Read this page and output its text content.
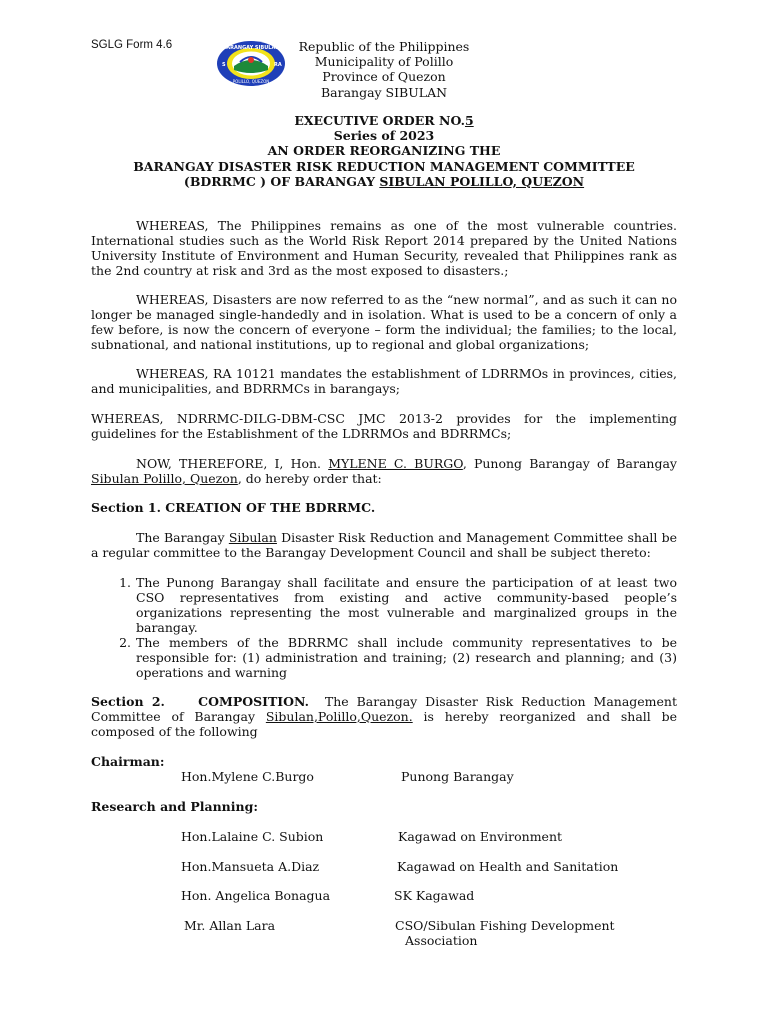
SGLG Form 4.6	BARANGAY SIBULAN
POLILLO, QUEZON
S	RA
Republic of the Philippines
Municipality of Polillo
Province of Quezon
Barangay SIBULAN
EXECUTIVE ORDER NO.5
Series of 2023
AN ORDER REORGANIZING THE
BARANGAY DISASTER RISK REDUCTION MANAGEMENT COMMITTEE
(BDRRMC ) OF BARANGAY SIBULAN POLILLO, QUEZON

WHEREAS, The Philippines remains as one of the most vulnerable countries. International studies such as the World Risk Report 2014 prepared by the United Nations University Institute of Environment and Human Security, revealed that Philippines rank as the 2nd country at risk and 3rd as the most exposed to disasters.;

WHEREAS, Disasters are now referred to as the “new normal”, and as such it can no longer be managed single-handedly and in isolation. What is used to be a concern of only a few before, is now the concern of everyone – form the individual; the families; to the local, subnational, and national institutions, up to regional and global organizations;

WHEREAS, RA 10121 mandates the establishment of LDRRMOs in provinces, cities, and municipalities, and BDRRMCs in barangays;

WHEREAS, NDRRMC-DILG-DBM-CSC JMC 2013-2 provides for the implementing guidelines for the Establishment of the LDRRMOs and BDRRMCs;

NOW, THEREFORE, I, Hon. MYLENE C. BURGO, Punong Barangay of Barangay Sibulan Polillo, Quezon, do hereby order that:

Section 1. CREATION OF THE BDRRMC.

The Barangay Sibulan Disaster Risk Reduction and Management Committee shall be a regular committee to the Barangay Development Council and shall be subject thereto:

1. The Punong Barangay shall facilitate and ensure the participation of at least two CSO representatives from existing and active community-based people’s organizations representing the most vulnerable and marginalized groups in the barangay.
2. The members of the BDRRMC shall include community representatives to be responsible for: (1) administration and training; (2) research and planning; and (3) operations and warning

Section 2.    COMPOSITION.  The Barangay Disaster Risk Reduction Management Committee of Barangay Sibulan,Polillo,Quezon. is hereby reorganized and shall be composed of the following

Chairman:
Hon.Mylene C.Burgo	Punong Barangay
Research and Planning:
Hon.Lalaine C. Subion	Kagawad on Environment
Hon.Mansueta A.Diaz	Kagawad on Health and Sanitation
Hon. Angelica Bonagua	SK Kagawad
Mr. Allan Lara	CSO/Sibulan Fishing Development
Association
